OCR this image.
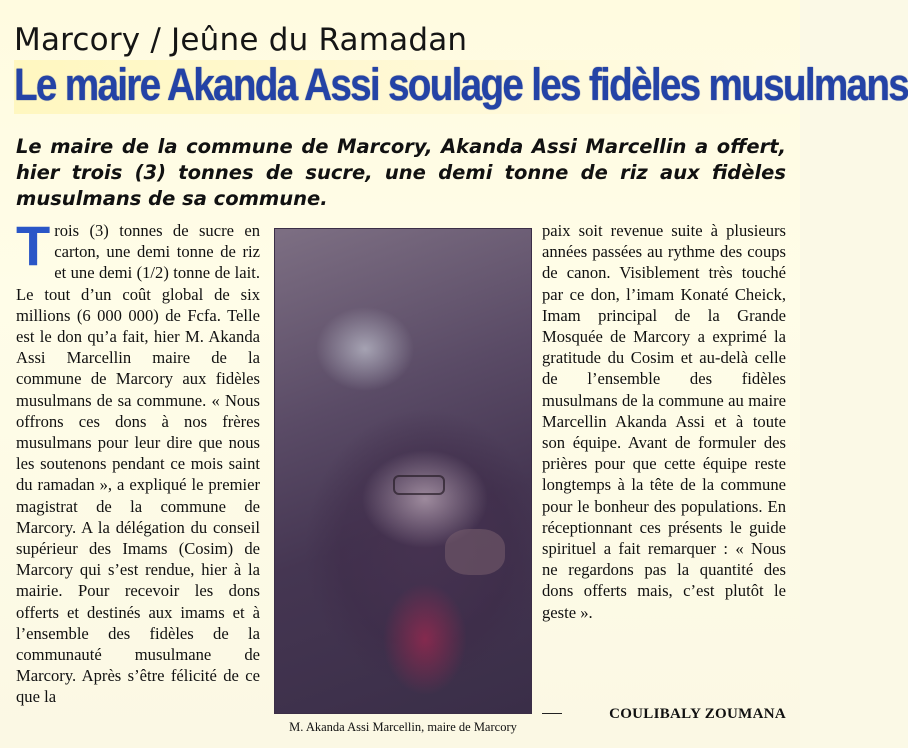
Marcory / Jeûne du Ramadan
Le maire Akanda Assi soulage les fidèles musulmans
Le maire de la commune de Marcory, Akanda Assi Marcellin a offert, hier trois (3) tonnes de sucre, une demi tonne de riz aux fidèles musulmans de sa commune.

Trois (3) tonnes de sucre en carton, une demi tonne de riz et une demi (1/2) tonne de lait. Le tout d’un coût global de six millions (6 000 000) de Fcfa. Telle est le don qu’a fait, hier M. Akanda Assi Marcellin maire de la commune de Marcory aux fidèles musulmans de sa commune. « Nous offrons ces dons à nos frères musulmans pour leur dire que nous les soutenons pendant ce mois saint du ramadan », a expliqué le premier magistrat de la commune de Marcory. A la délégation du conseil supérieur des Imams (Cosim) de Marcory qui s’est rendue, hier à la mairie. Pour recevoir les dons offerts et destinés aux imams et à l’ensemble des fidèles de la communauté musulmane de Marcory. Après s’être félicité de ce que la

M. Akanda Assi Marcellin, maire de Marcory

paix soit revenue suite à plusieurs années passées au rythme des coups de canon. Visiblement très touché par ce don, l’imam Konaté Cheick, Imam principal de la Grande Mosquée de Marcory a exprimé la gratitude du Cosim et au-delà celle de l’ensemble des fidèles musulmans de la commune au maire Marcellin Akanda Assi et à toute son équipe. Avant de formuler des prières pour que cette équipe reste longtemps à la tête de la commune pour le bonheur des populations. En réceptionnant ces présents le guide spirituel a fait remarquer : « Nous ne regardons pas la quantité des dons offerts mais, c’est plutôt le geste ».

COULIBALY ZOUMANA
